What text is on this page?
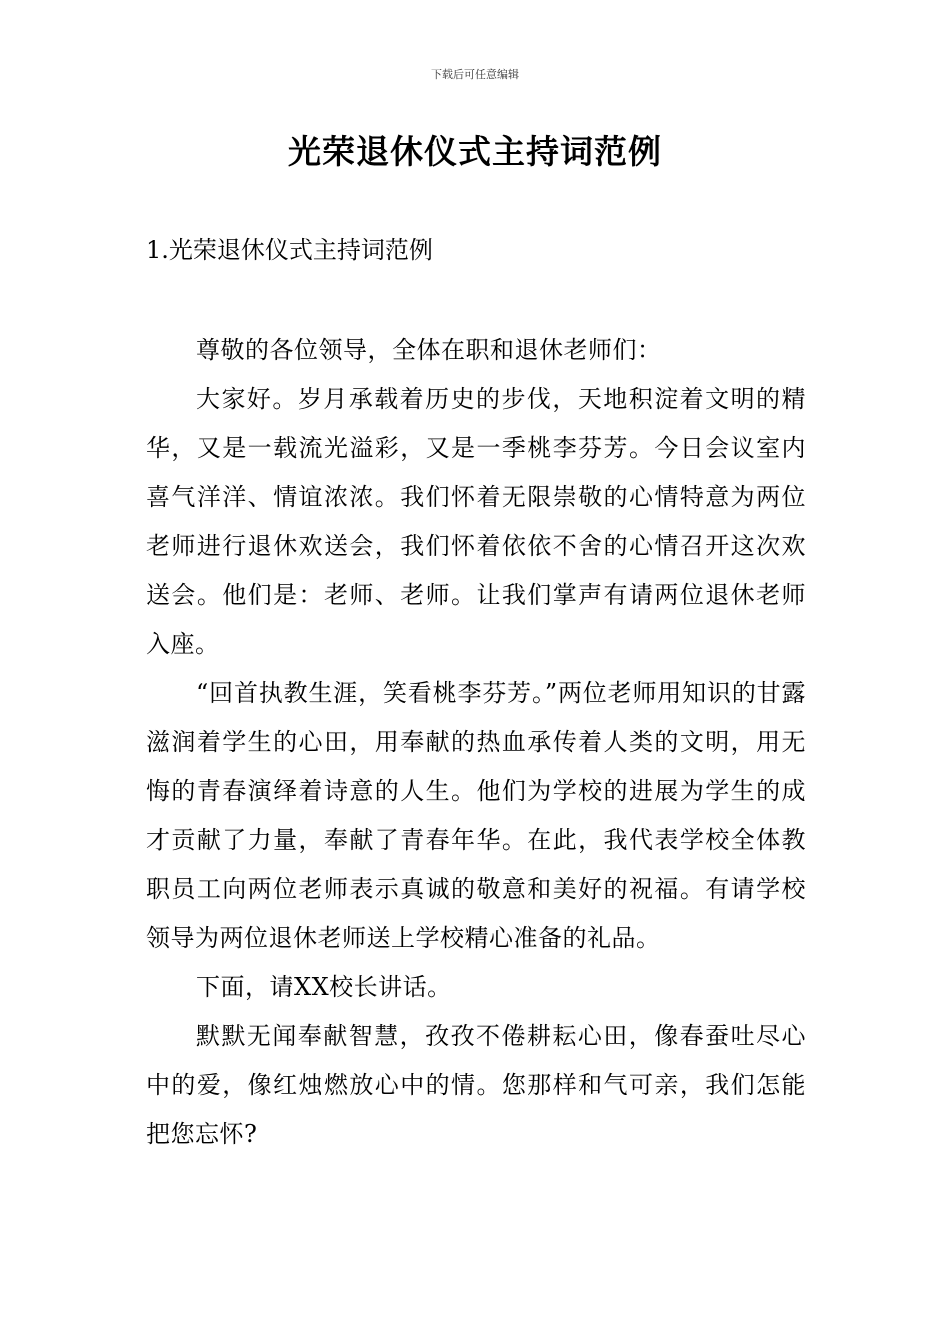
下载后可任意编辑
光荣退休仪式主持词范例
1.光荣退休仪式主持词范例

尊敬的各位领导，全体在职和退休老师们：

大家好。岁月承载着历史的步伐，天地积淀着文明的精华，又是一载流光溢彩，又是一季桃李芬芳。今日会议室内喜气洋洋、情谊浓浓。我们怀着无限崇敬的心情特意为两位老师进行退休欢送会，我们怀着依依不舍的心情召开这次欢送会。他们是：老师、老师。让我们掌声有请两位退休老师入座。

“回首执教生涯，笑看桃李芬芳。”两位老师用知识的甘露滋润着学生的心田，用奉献的热血承传着人类的文明，用无悔的青春演绎着诗意的人生。他们为学校的进展为学生的成才贡献了力量，奉献了青春年华。在此，我代表学校全体教职员工向两位老师表示真诚的敬意和美好的祝福。有请学校领导为两位退休老师送上学校精心准备的礼品。

下面，请XX校长讲话。

默默无闻奉献智慧，孜孜不倦耕耘心田，像春蚕吐尽心中的爱，像红烛燃放心中的情。您那样和气可亲，我们怎能把您忘怀?
